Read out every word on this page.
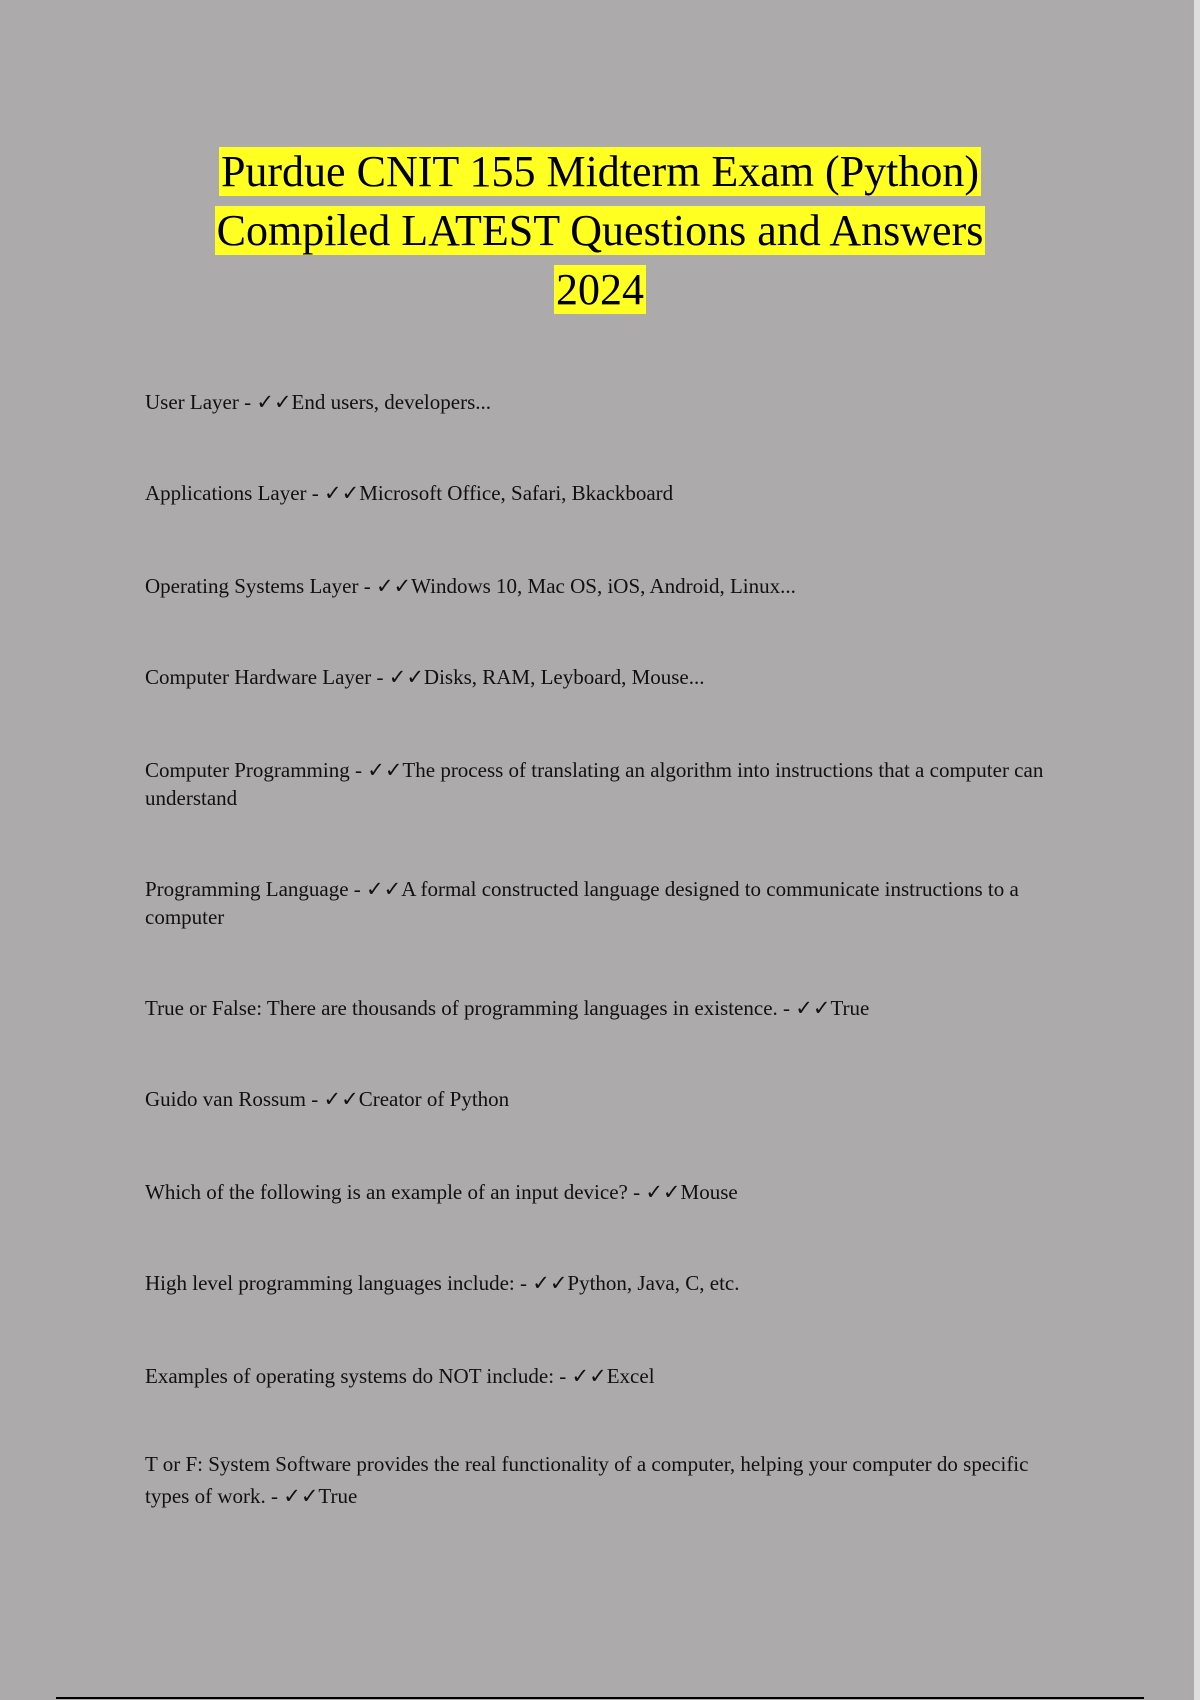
Purdue CNIT 155 Midterm Exam (Python)
Compiled LATEST Questions and Answers
2024
User Layer - ✓✓End users, developers...
Applications Layer - ✓✓Microsoft Office, Safari, Bkackboard
Operating Systems Layer - ✓✓Windows 10, Mac OS, iOS, Android, Linux...
Computer Hardware Layer - ✓✓Disks, RAM, Leyboard, Mouse...
Computer Programming - ✓✓The process of translating an algorithm into instructions that a computer can understand
Programming Language - ✓✓A formal constructed language designed to communicate instructions to a computer
True or False: There are thousands of programming languages in existence. - ✓✓True
Guido van Rossum - ✓✓Creator of Python
Which of the following is an example of an input device? - ✓✓Mouse
High level programming languages include: - ✓✓Python, Java, C, etc.
Examples of operating systems do NOT include: - ✓✓Excel
T or F: System Software provides the real functionality of a computer, helping your computer do specific types of work. - ✓✓True
